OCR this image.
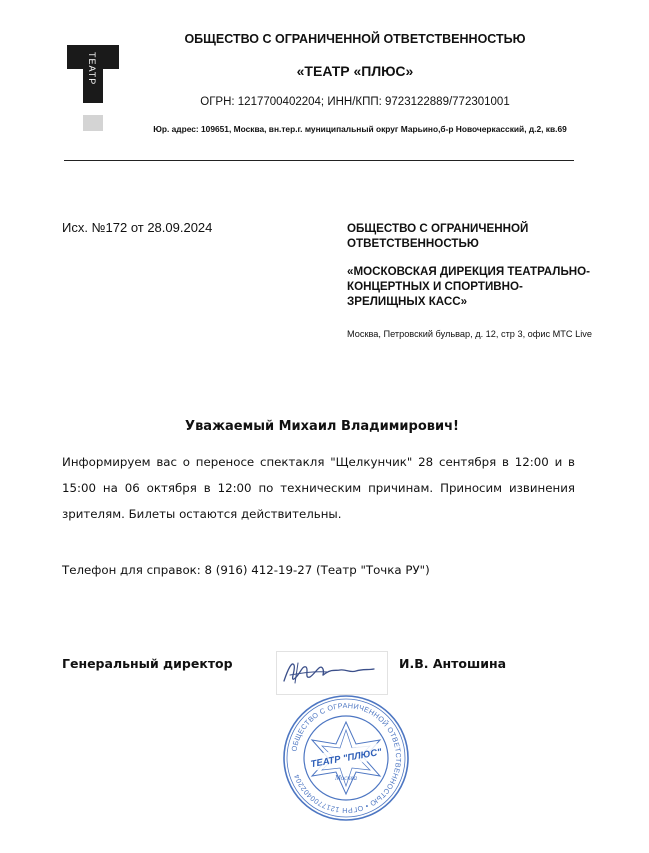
ТЕАТР
ОБЩЕСТВО С ОГРАНИЧЕННОЙ ОТВЕТСТВЕННОСТЬЮ
«ТЕАТР «ПЛЮС»
ОГРН: 1217700402204; ИНН/КПП: 9723122889/772301001
Юр. адрес: 109651, Москва, вн.тер.г. муниципальный округ Марьино,б-р Новочеркасский, д.2, кв.69
Исх. №172 от 28.09.2024	ОБЩЕСТВО С ОГРАНИЧЕННОЙ ОТВЕТСТВЕННОСТЬЮ
«МОСКОВСКАЯ ДИРЕКЦИЯ ТЕАТРАЛЬНО-КОНЦЕРТНЫХ И СПОРТИВНО-ЗРЕЛИЩНЫХ КАСС»
Москва, Петровский бульвар, д. 12, стр 3, офис МТС Live
Уважаемый Михаил Владимирович!
Информируем вас о переносе спектакля "Щелкунчик" 28 сентября в 12:00 и в 15:00 на 06 октября в 12:00 по техническим причинам. Приносим извинения зрителям. Билеты остаются действительны.
Телефон для справок: 8 (916) 412-19-27 (Театр "Точка РУ")
Генеральный директор	И.В. Антошина
ОБЩЕСТВО С ОГРАНИЧЕННОЙ ОТВЕТСТВЕННОСТЬЮ • ОГРН 1217700402204
ТЕАТР "ПЛЮС"
Москва
